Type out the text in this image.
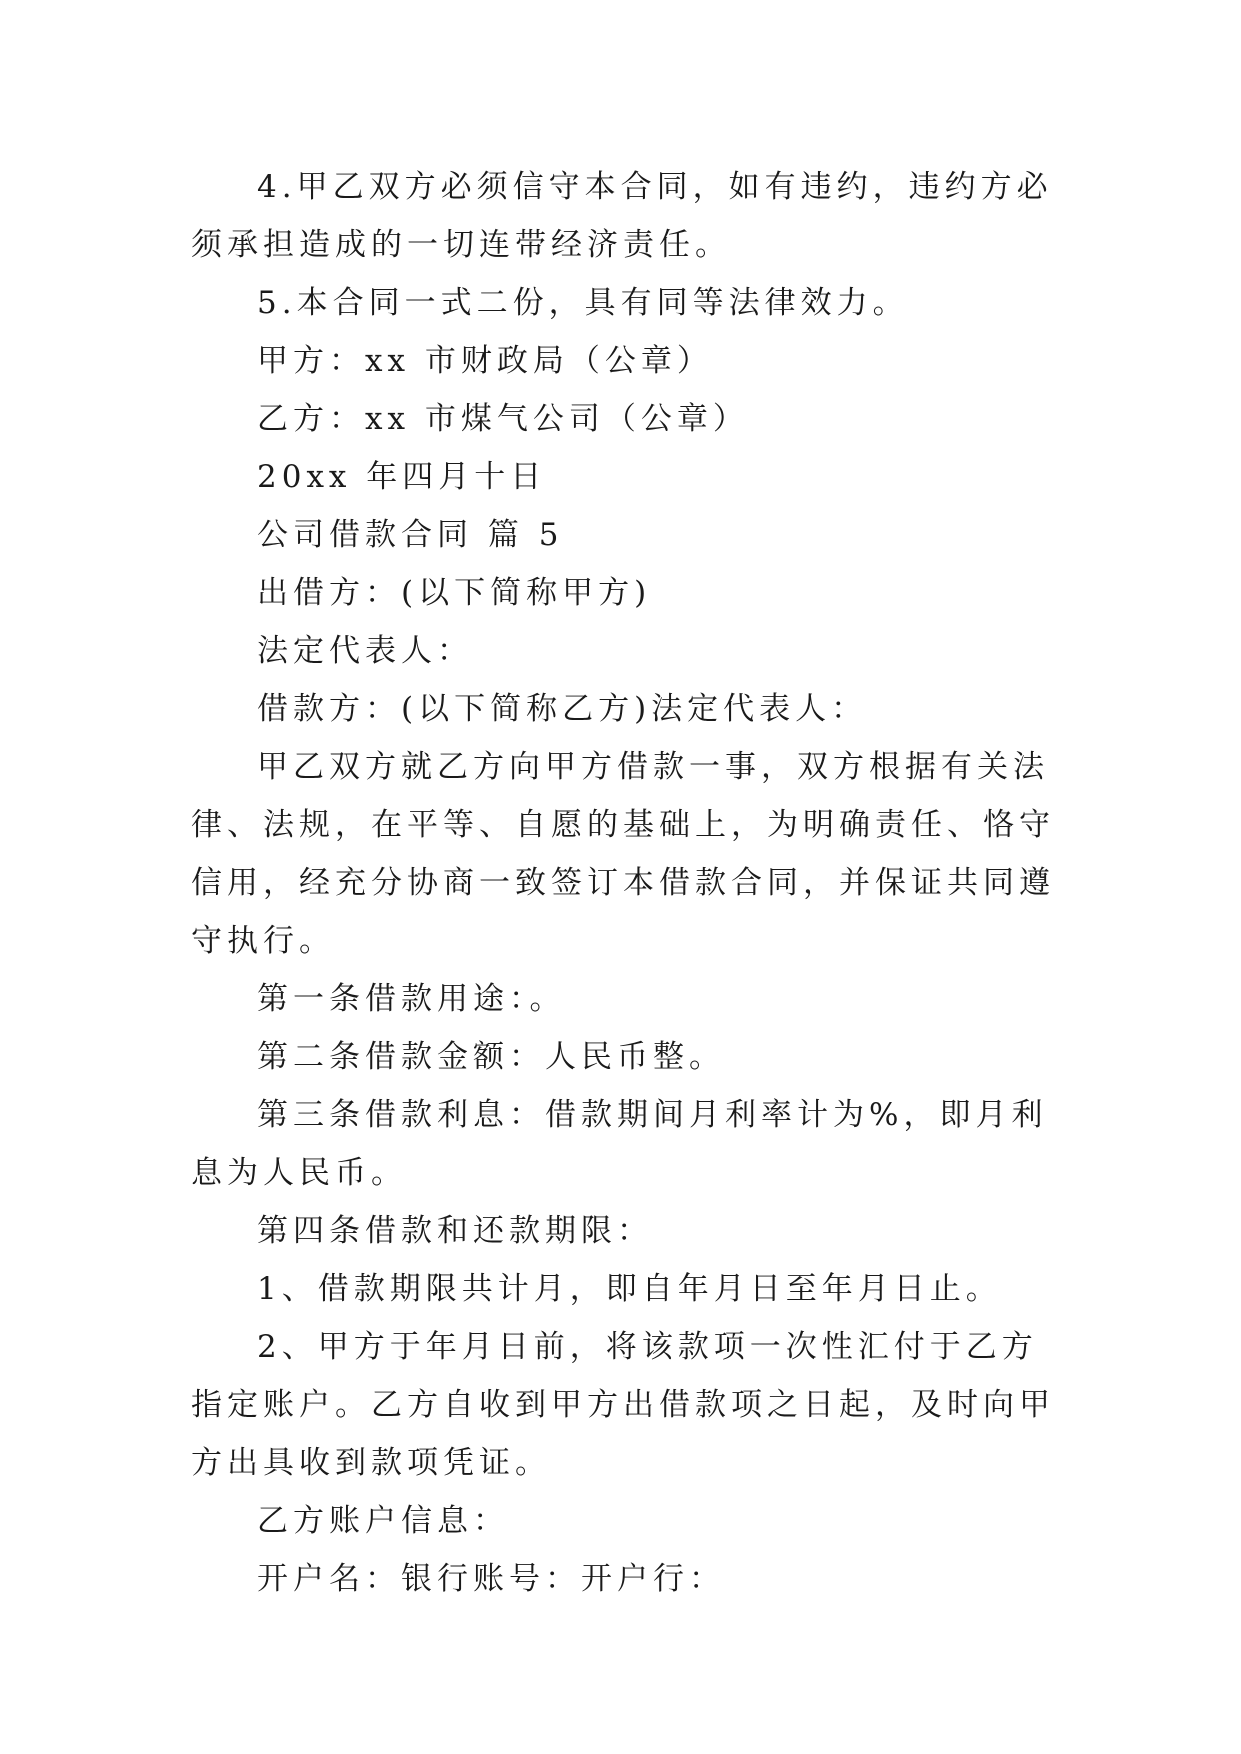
4.甲乙双方必须信守本合同，如有违约，违约方必须承担造成的一切连带经济责任。

5.本合同一式二份，具有同等法律效力。

甲方：xx 市财政局（公章）

乙方：xx 市煤气公司（公章）

20xx 年四月十日

公司借款合同 篇 5

出借方：(以下简称甲方)

法定代表人：

借款方：(以下简称乙方)法定代表人：

甲乙双方就乙方向甲方借款一事，双方根据有关法律、法规，在平等、自愿的基础上，为明确责任、恪守信用，经充分协商一致签订本借款合同，并保证共同遵守执行。

第一条借款用途：。

第二条借款金额：人民币整。

第三条借款利息：借款期间月利率计为%，即月利息为人民币。

第四条借款和还款期限：

1、借款期限共计月，即自年月日至年月日止。

2、甲方于年月日前，将该款项一次性汇付于乙方指定账户。乙方自收到甲方出借款项之日起，及时向甲方出具收到款项凭证。

乙方账户信息：

开户名：银行账号：开户行：
